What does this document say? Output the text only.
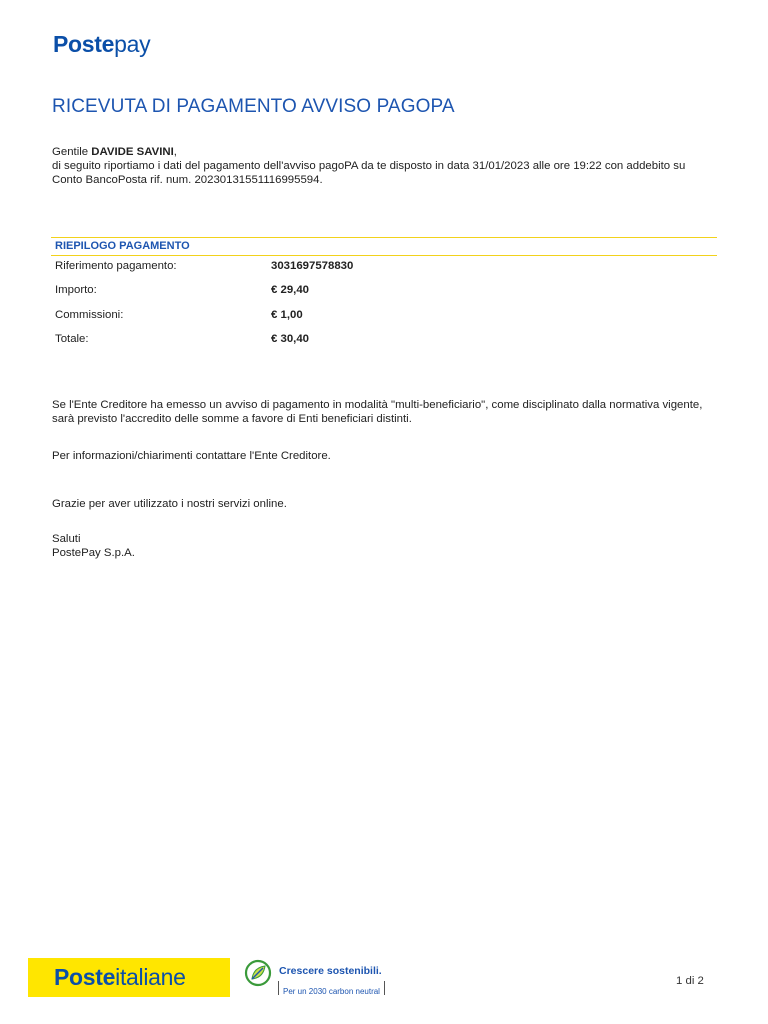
Postepay
RICEVUTA DI PAGAMENTO AVVISO PAGOPA

Gentile DAVIDE SAVINI,

di seguito riportiamo i dati del pagamento dell'avviso pagoPA da te disposto in data 31/01/2023 alle ore 19:22 con addebito su

Conto BancoPosta rif. num. 20230131551116995594.

RIEPILOGO PAGAMENTO
Riferimento pagamento:	3031697578830
Importo:	€ 29,40
Commissioni:	€ 1,00
Totale:	€ 30,40
Se l'Ente Creditore ha emesso un avviso di pagamento in modalità "multi-beneficiario", come disciplinato dalla normativa vigente,
sarà previsto l'accredito delle somme a favore di Enti beneficiari distinti.
Per informazioni/chiarimenti contattare l'Ente Creditore.
Grazie per aver utilizzato i nostri servizi online.
Saluti
PostePay S.p.A.
Posteitaliane	Crescere sostenibili.
Per un 2030 carbon neutral
1 di 2
